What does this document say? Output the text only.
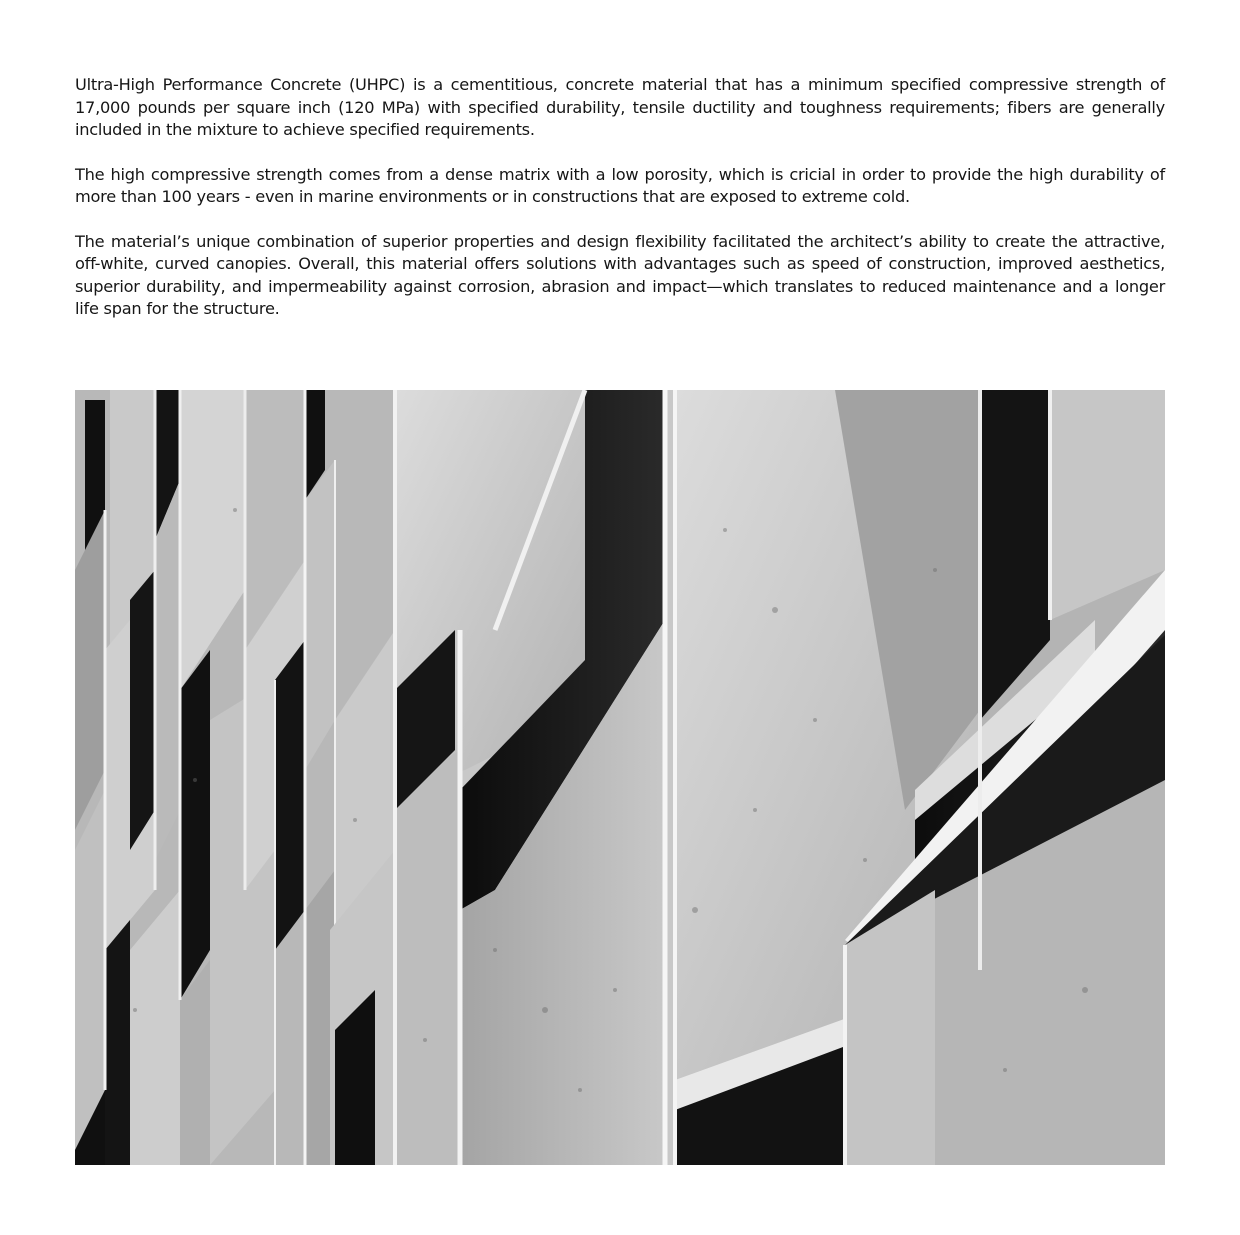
Ultra-High Performance Concrete (UHPC) is a cementitious, concrete material that has a minimum specified compressive strength of 17,000 pounds per square inch (120 MPa) with specified durability, tensile ductility and toughness requirements; fibers are generally included in the mixture to achieve specified requirements.

The high compressive strength comes from a dense matrix with a low porosity, which is cricial in order to provide the high durability of more than 100 years - even in marine environments or in constructions that are exposed to extreme cold.

The material’s unique combination of superior properties and design flexibility facilitated the architect’s ability to create the attractive, off-white, curved canopies. Overall, this material offers solutions with advantages such as speed of construction, improved aesthetics, superior durability, and impermeability against corrosion, abrasion and impact—which translates to reduced maintenance and a longer life span for the structure.
